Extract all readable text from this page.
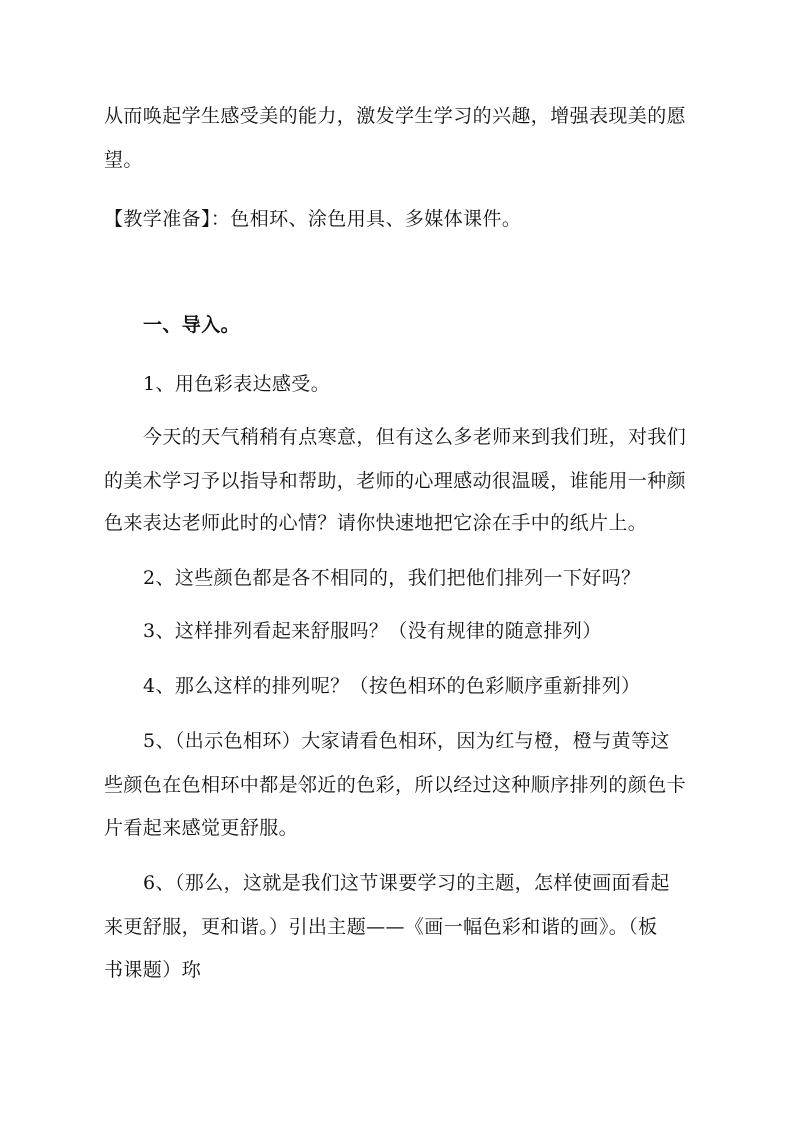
从而唤起学生感受美的能力，激发学生学习的兴趣，增强表现美的愿
望。
【教学准备】：色相环、涂色用具、多媒体课件。
一、导入。
1、用色彩表达感受。
今天的天气稍稍有点寒意，但有这么多老师来到我们班，对我们
的美术学习予以指导和帮助，老师的心理感动很温暖，谁能用一种颜
色来表达老师此时的心情？请你快速地把它涂在手中的纸片上。
2、这些颜色都是各不相同的，我们把他们排列一下好吗？
3、这样排列看起来舒服吗？（没有规律的随意排列）
4、那么这样的排列呢？（按色相环的色彩顺序重新排列）
5、（出示色相环）大家请看色相环，因为红与橙，橙与黄等这
些颜色在色相环中都是邻近的色彩，所以经过这种顺序排列的颜色卡
片看起来感觉更舒服。
6、（那么，这就是我们这节课要学习的主题，怎样使画面看起
来更舒服，更和谐。）引出主题——《画一幅色彩和谐的画》。（板
书课题）珎
